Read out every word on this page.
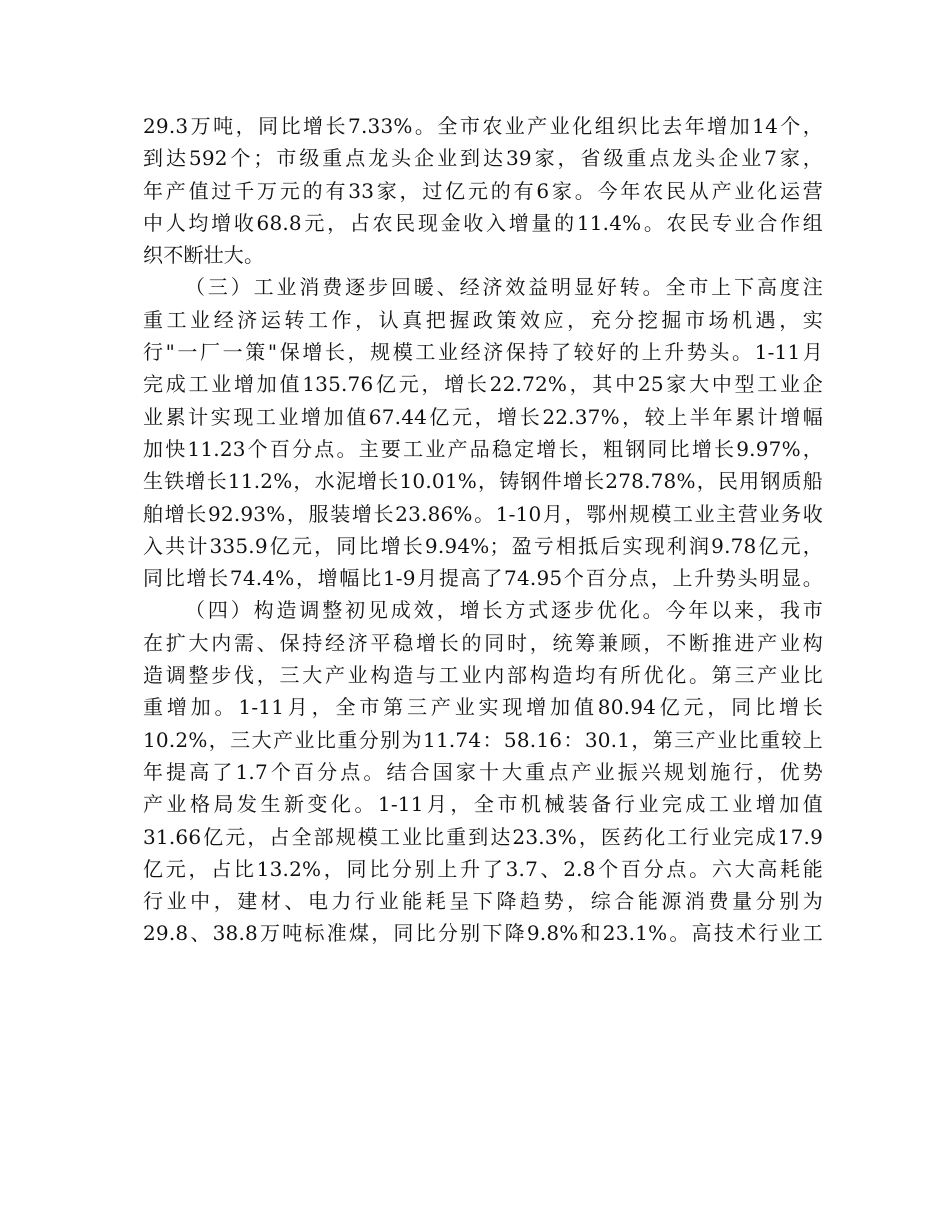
29.3万吨，同比增长7.33%。全市农业产业化组织比去年增加14个，
到达592个；市级重点龙头企业到达39家，省级重点龙头企业7家，
年产值过千万元的有33家，过亿元的有6家。今年农民从产业化运营
中人均增收68.8元，占农民现金收入增量的11.4%。农民专业合作组
织不断壮大。
（三）工业消费逐步回暖、经济效益明显好转。全市上下高度注
重工业经济运转工作，认真把握政策效应，充分挖掘市场机遇，实
行"一厂一策"保增长，规模工业经济保持了较好的上升势头。1-11月
完成工业增加值135.76亿元，增长22.72%，其中25家大中型工业企
业累计实现工业增加值67.44亿元，增长22.37%，较上半年累计增幅
加快11.23个百分点。主要工业产品稳定增长，粗钢同比增长9.97%，
生铁增长11.2%，水泥增长10.01%，铸钢件增长278.78%，民用钢质船
舶增长92.93%，服装增长23.86%。1-10月，鄂州规模工业主营业务收
入共计335.9亿元，同比增长9.94%；盈亏相抵后实现利润9.78亿元，
同比增长74.4%，增幅比1-9月提高了74.95个百分点，上升势头明显。
（四）构造调整初见成效，增长方式逐步优化。今年以来，我市
在扩大内需、保持经济平稳增长的同时，统筹兼顾，不断推进产业构
造调整步伐，三大产业构造与工业内部构造均有所优化。第三产业比
重增加。1-11月，全市第三产业实现增加值80.94亿元，同比增长
10.2%，三大产业比重分别为11.74：58.16：30.1，第三产业比重较上
年提高了1.7个百分点。结合国家十大重点产业振兴规划施行，优势
产业格局发生新变化。1-11月，全市机械装备行业完成工业增加值
31.66亿元，占全部规模工业比重到达23.3%，医药化工行业完成17.9
亿元，占比13.2%，同比分别上升了3.7、2.8个百分点。六大高耗能
行业中，建材、电力行业能耗呈下降趋势，综合能源消费量分别为
29.8、38.8万吨标准煤，同比分别下降9.8%和23.1%。高技术行业工
